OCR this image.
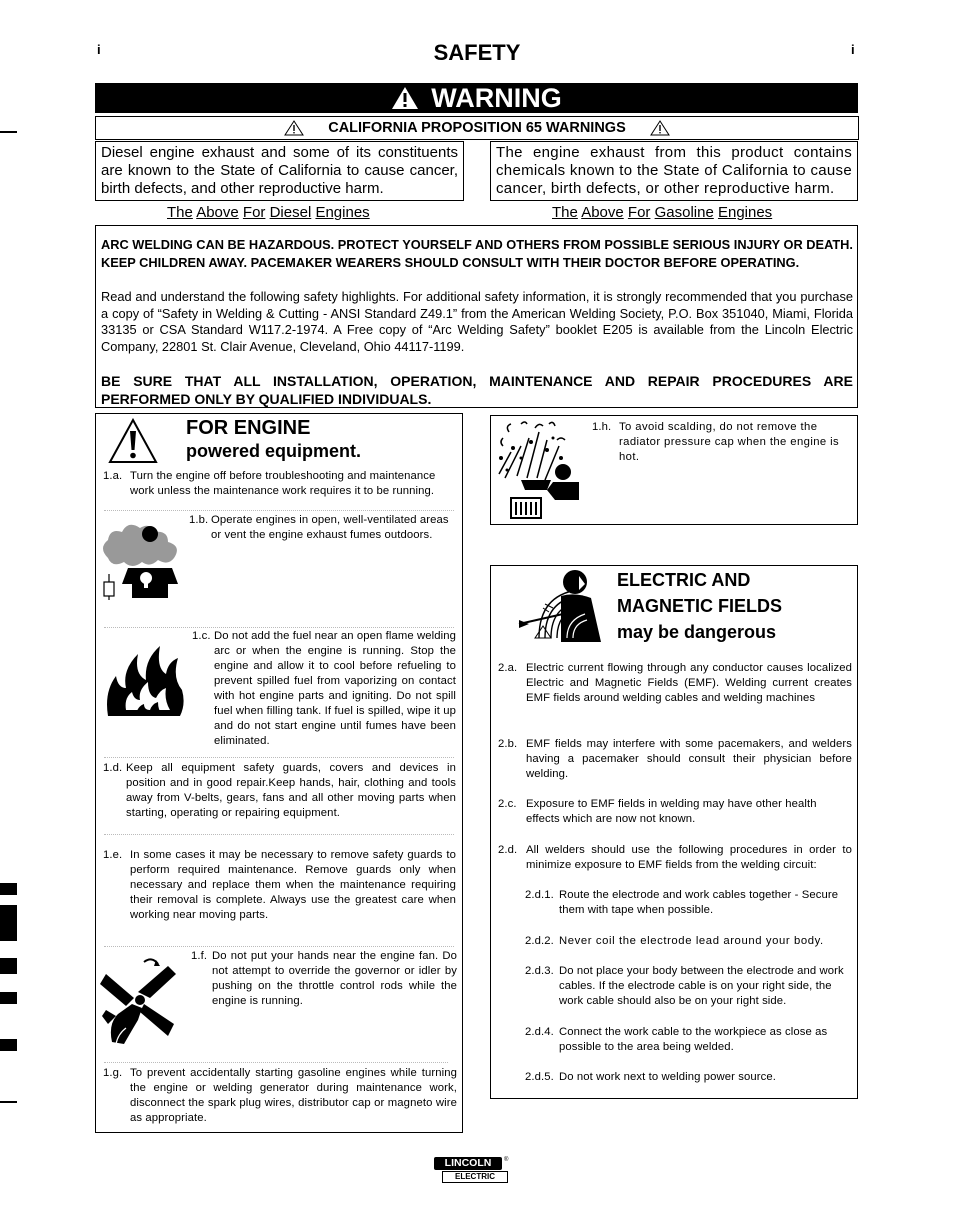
i	i
SAFETY
WARNING
CALIFORNIA PROPOSITION 65 WARNINGS
Diesel engine exhaust and some of its constituents are known to the State of California to cause cancer, birth defects, and other reproductive harm.
The engine exhaust from this product contains chemicals known to the State of California to cause cancer, birth defects, or other reproductive harm.
The Above For Diesel Engines	The Above For Gasoline Engines
ARC WELDING CAN BE HAZARDOUS. PROTECT YOURSELF AND OTHERS FROM POSSIBLE SERIOUS INJURY OR DEATH. KEEP CHILDREN AWAY. PACEMAKER WEARERS SHOULD CONSULT WITH THEIR DOCTOR BEFORE OPERATING.
Read and understand the following safety highlights. For additional safety information, it is strongly recommended that you purchase a copy of “Safety in Welding & Cutting - ANSI Standard Z49.1” from the American Welding Society, P.O. Box 351040, Miami, Florida 33135 or CSA Standard W117.2-1974. A Free copy of “Arc Welding Safety” booklet E205 is available from the Lincoln Electric Company, 22801 St. Clair Avenue, Cleveland, Ohio 44117-1199.
BE SURE THAT ALL INSTALLATION, OPERATION, MAINTENANCE AND REPAIR PROCEDURES ARE PERFORMED ONLY BY QUALIFIED INDIVIDUALS.
FOR ENGINE
powered equipment.
1.a. Turn the engine off before troubleshooting and maintenance work unless the maintenance work requires it to be running.
1.b. Operate engines in open, well-ventilated areas or vent the engine exhaust fumes outdoors.
1.c. Do not add the fuel near an open flame welding arc or when the engine is running. Stop the engine and allow it to cool before refueling to prevent spilled fuel from vaporizing on contact with hot engine parts and igniting. Do not spill fuel when filling tank. If fuel is spilled, wipe it up and do not start engine until fumes have been eliminated.
1.d. Keep all equipment safety guards, covers and devices in position and in good repair.Keep hands, hair, clothing and tools away from V-belts, gears, fans and all other moving parts when starting, operating or repairing equipment.
1.e. In some cases it may be necessary to remove safety guards to perform required maintenance. Remove guards only when necessary and replace them when the maintenance requiring their removal is complete. Always use the greatest care when working near moving parts.
1.f. Do not put your hands near the engine fan. Do not attempt to override the governor or idler by pushing on the throttle control rods while the engine is running.
1.g. To prevent accidentally starting gasoline engines while turning the engine or welding generator during maintenance work, disconnect the spark plug wires, distributor cap or magneto wire as appropriate.
1.h. To avoid scalding, do not remove the radiator pressure cap when the engine is hot.
ELECTRIC AND
MAGNETIC FIELDS
may be dangerous
2.a. Electric current flowing through any conductor causes localized Electric and Magnetic Fields (EMF). Welding current creates EMF fields around welding cables and welding machines
2.b. EMF fields may interfere with some pacemakers, and welders having a pacemaker should consult their physician before welding.
2.c. Exposure to EMF fields in welding may have other health effects which are now not known.
2.d. All welders should use the following procedures in order to minimize exposure to EMF fields from the welding circuit:
2.d.1. Route the electrode and work cables together - Secure them with tape when possible.
2.d.2. Never coil the electrode lead around your body.
2.d.3. Do not place your body between the electrode and work cables. If the electrode cable is on your right side, the work cable should also be on your right side.
2.d.4. Connect the work cable to the workpiece as close as possible to the area being welded.
2.d.5. Do not work next to welding power source.
LINCOLN	®
ELECTRIC
